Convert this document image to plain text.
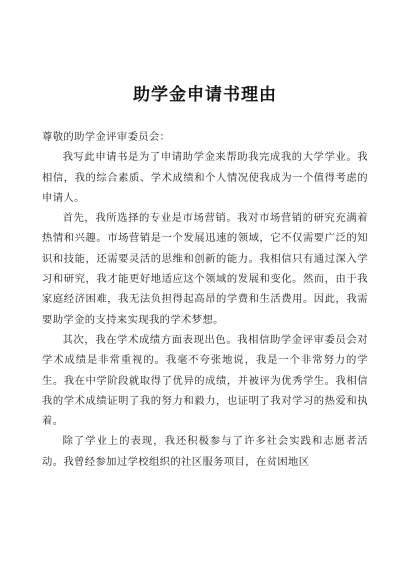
助学金申请书理由

尊敬的助学金评审委员会：

我写此申请书是为了申请助学金来帮助我完成我的大学学业。我相信，我的综合素质、学术成绩和个人情况使我成为一个值得考虑的申请人。

首先，我所选择的专业是市场营销。我对市场营销的研究充满着热情和兴趣。市场营销是一个发展迅速的领域，它不仅需要广泛的知识和技能，还需要灵活的思维和创新的能力。我相信只有通过深入学习和研究，我才能更好地适应这个领域的发展和变化。然而，由于我家庭经济困难，我无法负担得起高昂的学费和生活费用。因此，我需要助学金的支持来实现我的学术梦想。

其次，我在学术成绩方面表现出色。我相信助学金评审委员会对学术成绩是非常重视的。我毫不夸张地说，我是一个非常努力的学生。我在中学阶段就取得了优异的成绩，并被评为优秀学生。我相信我的学术成绩证明了我的努力和毅力，也证明了我对学习的热爱和执着。

除了学业上的表现，我还积极参与了许多社会实践和志愿者活动。我曾经参加过学校组织的社区服务项目，在贫困地区
